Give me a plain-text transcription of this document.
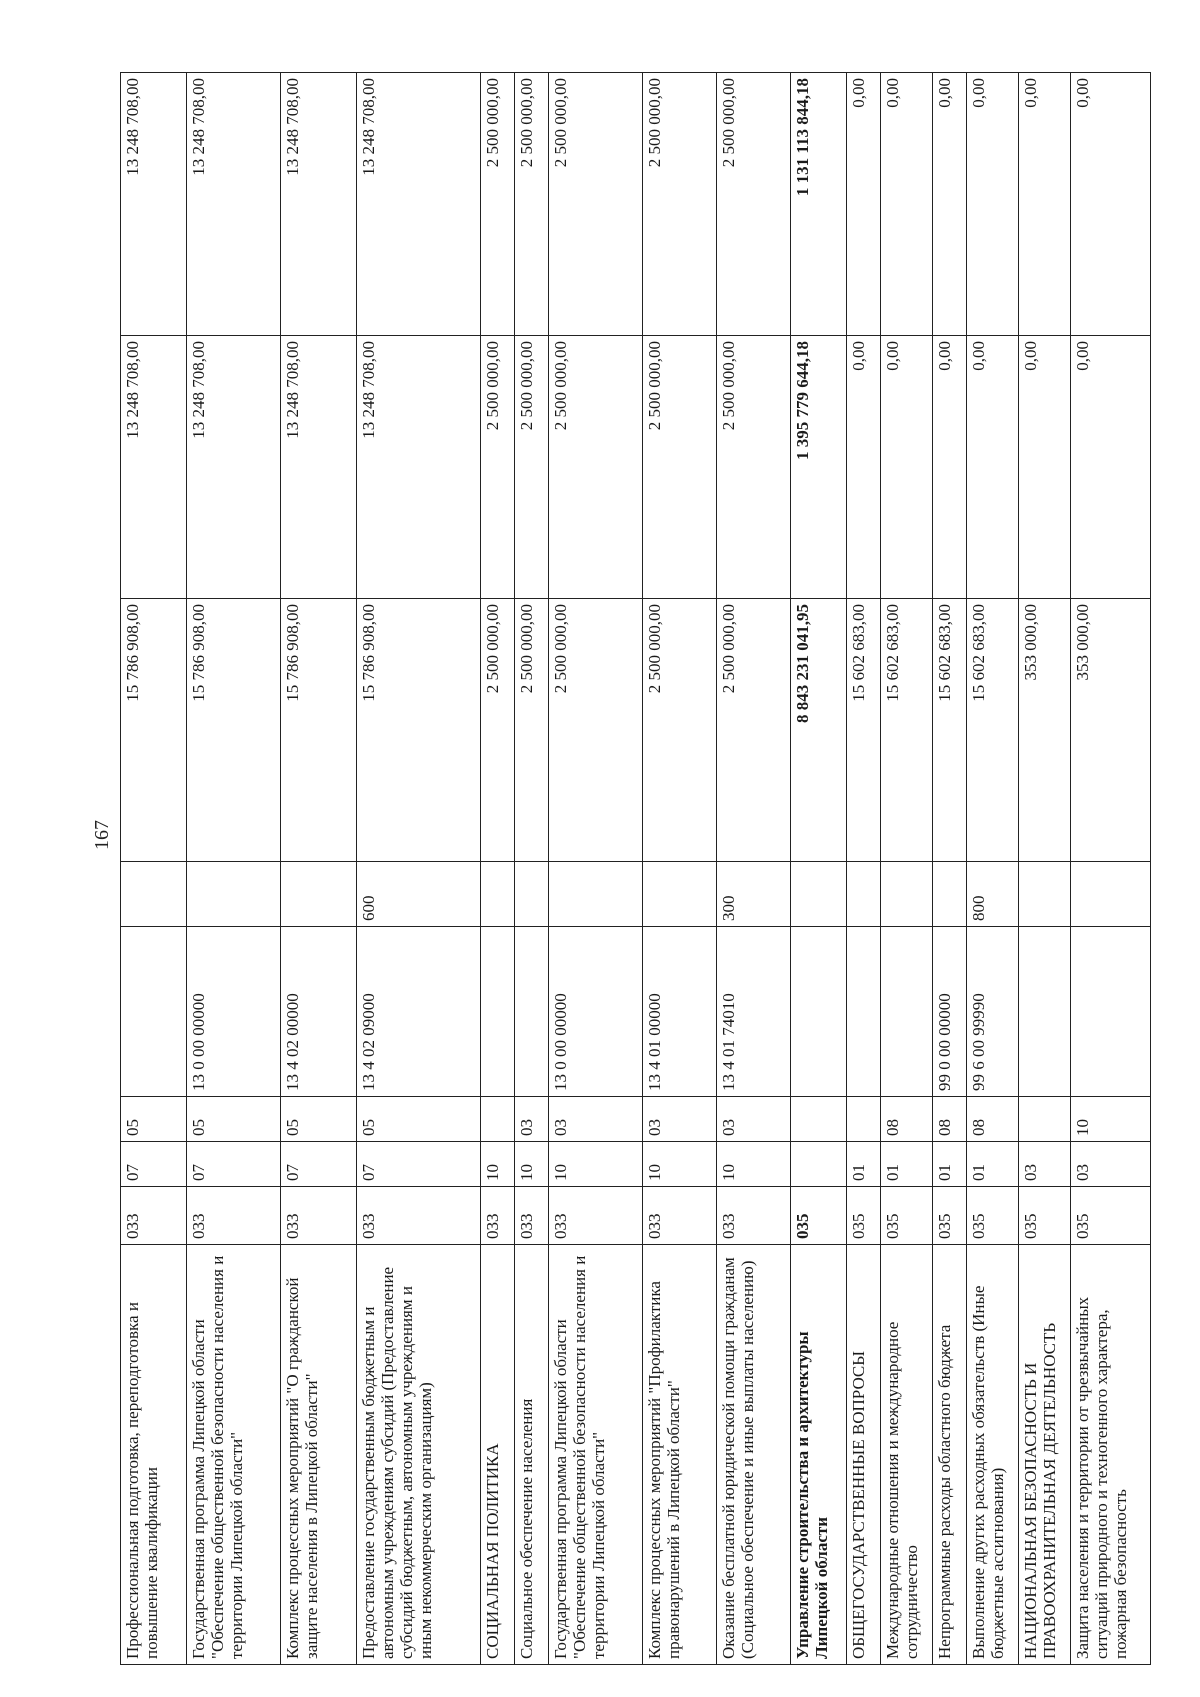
167
Профессиональная подготовка, переподготовка и повышение квалификации	033	07	05			15 786 908,00	13 248 708,00	13 248 708,00
Государственная программа Липецкой области "Обеспечение общественной безопасности населения и территории Липецкой области"	033	07	05	13 0 00 00000		15 786 908,00	13 248 708,00	13 248 708,00
Комплекс процессных мероприятий "О гражданской защите населения в Липецкой области"	033	07	05	13 4 02 00000		15 786 908,00	13 248 708,00	13 248 708,00
Предоставление государственным бюджетным и автономным учреждениям субсидий (Предоставление субсидий бюджетным, автономным учреждениям и иным некоммерческим организациям)	033	07	05	13 4 02 09000	600	15 786 908,00	13 248 708,00	13 248 708,00
СОЦИАЛЬНАЯ ПОЛИТИКА	033	10				2 500 000,00	2 500 000,00	2 500 000,00
Социальное обеспечение населения	033	10	03			2 500 000,00	2 500 000,00	2 500 000,00
Государственная программа Липецкой области "Обеспечение общественной безопасности населения и территории Липецкой области"	033	10	03	13 0 00 00000		2 500 000,00	2 500 000,00	2 500 000,00
Комплекс процессных мероприятий "Профилактика правонарушений в Липецкой области"	033	10	03	13 4 01 00000		2 500 000,00	2 500 000,00	2 500 000,00
Оказание бесплатной юридической помощи гражданам (Социальное обеспечение и иные выплаты населению)	033	10	03	13 4 01 74010	300	2 500 000,00	2 500 000,00	2 500 000,00
Управление строительства и архитектуры Липецкой области	035					8 843 231 041,95	1 395 779 644,18	1 131 113 844,18
ОБЩЕГОСУДАРСТВЕННЫЕ ВОПРОСЫ	035	01				15 602 683,00	0,00	0,00
Международные отношения и международное сотрудничество	035	01	08			15 602 683,00	0,00	0,00
Непрограммные расходы областного бюджета	035	01	08	99 0 00 00000		15 602 683,00	0,00	0,00
Выполнение других расходных обязательств (Иные бюджетные ассигнования)	035	01	08	99 6 00 99990	800	15 602 683,00	0,00	0,00
НАЦИОНАЛЬНАЯ БЕЗОПАСНОСТЬ И ПРАВООХРАНИТЕЛЬНАЯ ДЕЯТЕЛЬНОСТЬ	035	03				353 000,00	0,00	0,00
Защита населения и территории от чрезвычайных ситуаций природного и техногенного характера, пожарная безопасность	035	03	10			353 000,00	0,00	0,00
